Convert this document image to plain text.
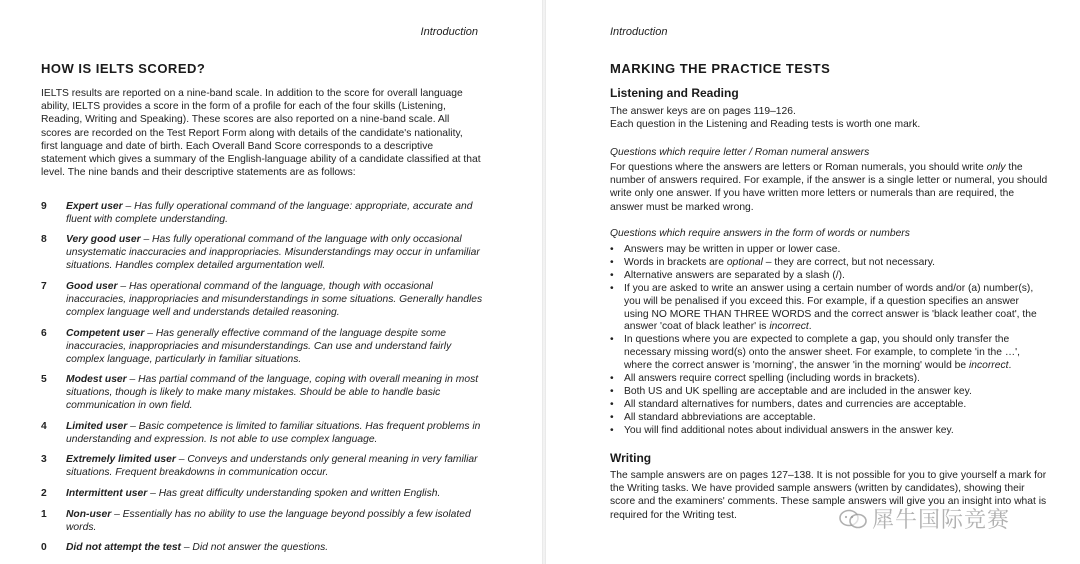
Introduction
HOW IS IELTS SCORED?

IELTS results are reported on a nine-band scale. In addition to the score for overall language ability, IELTS provides a score in the form of a profile for each of the four skills (Listening, Reading, Writing and Speaking). These scores are also reported on a nine-band scale. All scores are recorded on the Test Report Form along with details of the candidate's nationality, first language and date of birth. Each Overall Band Score corresponds to a descriptive statement which gives a summary of the English-language ability of a candidate classified at that level. The nine bands and their descriptive statements are as follows:

9 Expert user – Has fully operational command of the language: appropriate, accurate and fluent with complete understanding.
8 Very good user – Has fully operational command of the language with only occasional unsystematic inaccuracies and inappropriacies. Misunderstandings may occur in unfamiliar situations. Handles complex detailed argumentation well.
7 Good user – Has operational command of the language, though with occasional inaccuracies, inappropriacies and misunderstandings in some situations. Generally handles complex language well and understands detailed reasoning.
6 Competent user – Has generally effective command of the language despite some inaccuracies, inappropriacies and misunderstandings. Can use and understand fairly complex language, particularly in familiar situations.
5 Modest user – Has partial command of the language, coping with overall meaning in most situations, though is likely to make many mistakes. Should be able to handle basic communication in own field.
4 Limited user – Basic competence is limited to familiar situations. Has frequent problems in understanding and expression. Is not able to use complex language.
3 Extremely limited user – Conveys and understands only general meaning in very familiar situations. Frequent breakdowns in communication occur.
2 Intermittent user – Has great difficulty understanding spoken and written English.
1 Non-user – Essentially has no ability to use the language beyond possibly a few isolated words.
0 Did not attempt the test – Did not answer the questions.
Introduction
MARKING THE PRACTICE TESTS
Listening and Reading

The answer keys are on pages 119–126.
Each question in the Listening and Reading tests is worth one mark.

Questions which require letter / Roman numeral answers

For questions where the answers are letters or Roman numerals, you should write only the number of answers required. For example, if the answer is a single letter or numeral, you should write only one answer. If you have written more letters or numerals than are required, the answer must be marked wrong.

Questions which require answers in the form of words or numbers

• Answers may be written in upper or lower case.
• Words in brackets are optional – they are correct, but not necessary.
• Alternative answers are separated by a slash (/).
• If you are asked to write an answer using a certain number of words and/or (a) number(s), you will be penalised if you exceed this. For example, if a question specifies an answer using NO MORE THAN THREE WORDS and the correct answer is 'black leather coat', the answer 'coat of black leather' is incorrect.
• In questions where you are expected to complete a gap, you should only transfer the necessary missing word(s) onto the answer sheet. For example, to complete 'in the …', where the correct answer is 'morning', the answer 'in the morning' would be incorrect.
• All answers require correct spelling (including words in brackets).
• Both US and UK spelling are acceptable and are included in the answer key.
• All standard alternatives for numbers, dates and currencies are acceptable.
• All standard abbreviations are acceptable.
• You will find additional notes about individual answers in the answer key.
Writing

The sample answers are on pages 127–138. It is not possible for you to give yourself a mark for the Writing tasks. We have provided sample answers (written by candidates), showing their score and the examiners' comments. These sample answers will give you an insight into what is required for the Writing test.	犀牛国际竞赛
